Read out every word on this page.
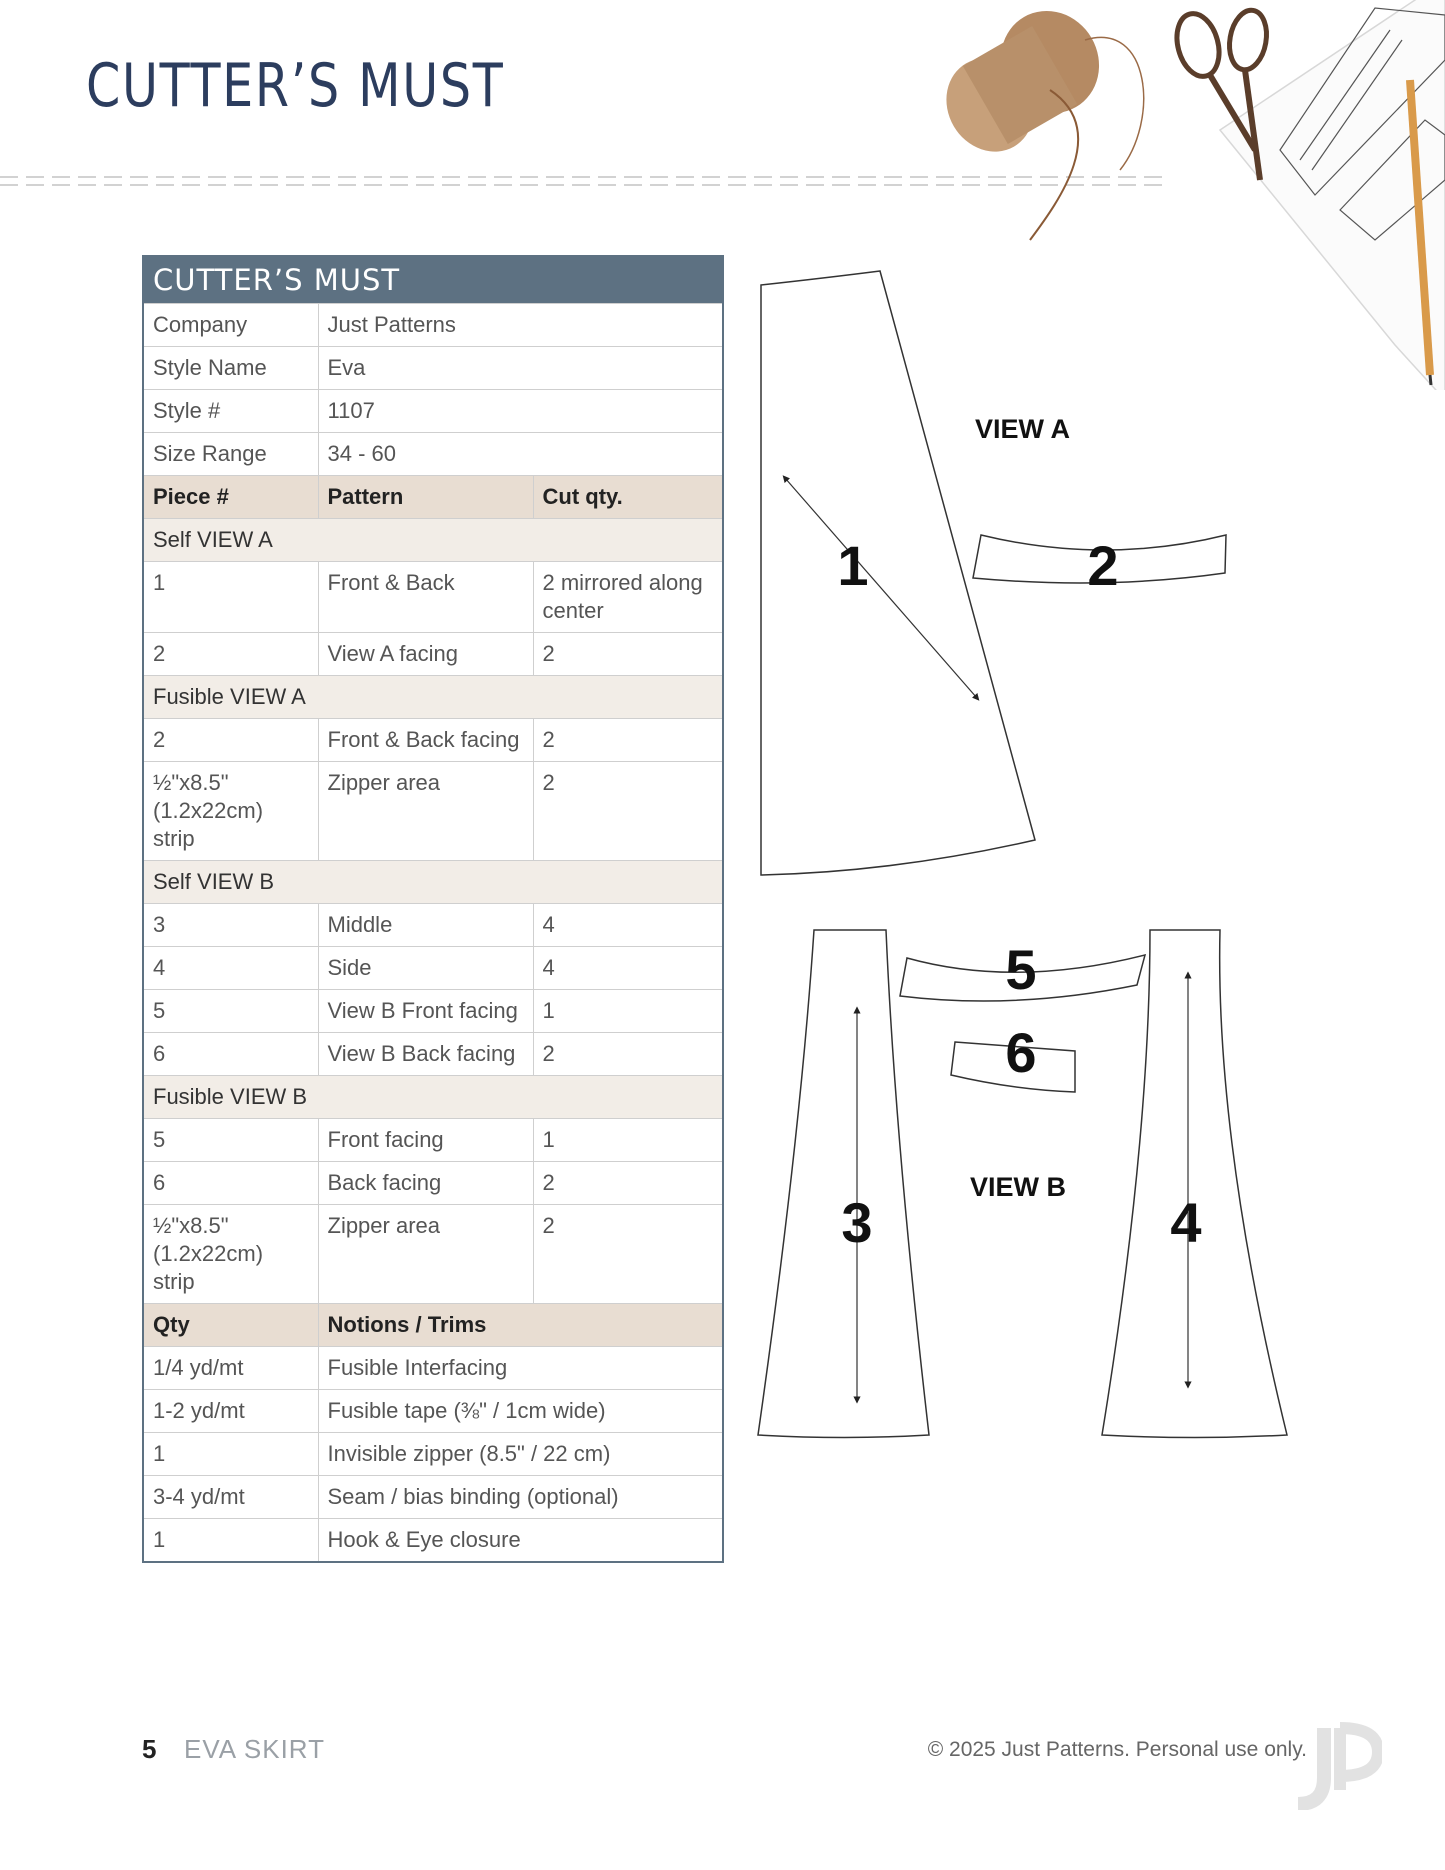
CUTTER’S MUST
CUTTER’S MUST		
Company	Just Patterns	
Style Name	Eva	
Style #	1107	
Size Range	34 - 60	
Piece #	Pattern	Cut qty.
Self VIEW A		
1	Front & Back	2 mirrored along center
2	View A facing	2
Fusible VIEW A		
2	Front & Back facing	2
½"x8.5" (1.2x22cm) strip	Zipper area	2
Self VIEW B		
3	Middle	4
4	Side	4
5	View B Front facing	1
6	View B Back facing	2
Fusible VIEW B		
5	Front facing	1
6	Back facing	2
½"x8.5" (1.2x22cm) strip	Zipper area	2
Qty	Notions / Trims	
1/4 yd/mt	Fusible Interfacing	
1-2 yd/mt	Fusible tape (⅜" / 1cm wide)	
1	Invisible zipper (8.5" / 22 cm)	
3-4 yd/mt	Seam / bias binding (optional)	
1	Hook & Eye closure	
VIEW A
VIEW B
1	2
3	4
5
6
5 EVA SKIRT	© 2025 Just Patterns. Personal use only.
